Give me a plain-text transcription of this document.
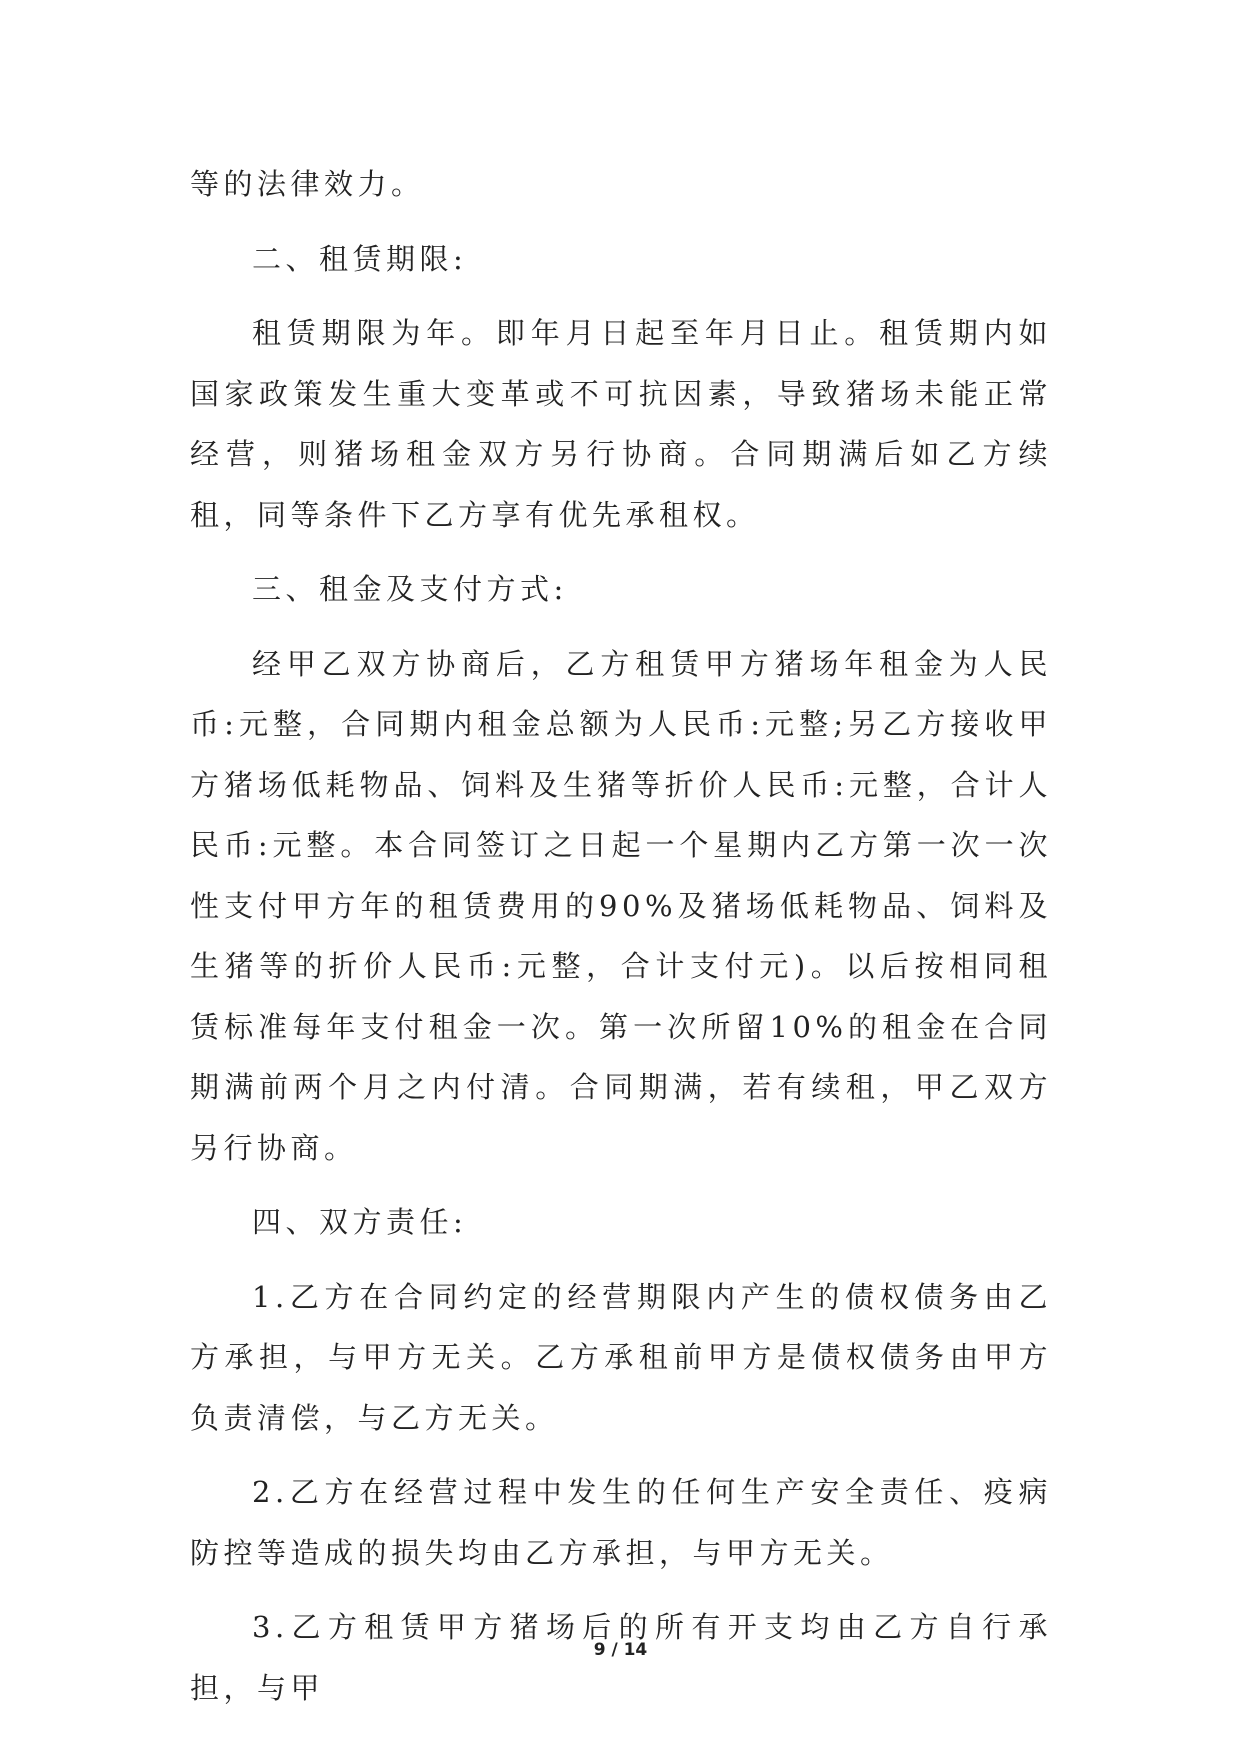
等的法律效力。

二、租赁期限:

租赁期限为年。即年月日起至年月日止。租赁期内如国家政策发生重大变革或不可抗因素，导致猪场未能正常经营，则猪场租金双方另行协商。合同期满后如乙方续租，同等条件下乙方享有优先承租权。

三、租金及支付方式:

经甲乙双方协商后，乙方租赁甲方猪场年租金为人民币:元整，合同期内租金总额为人民币:元整;另乙方接收甲方猪场低耗物品、饲料及生猪等折价人民币:元整，合计人民币:元整。本合同签订之日起一个星期内乙方第一次一次性支付甲方年的租赁费用的90%及猪场低耗物品、饲料及生猪等的折价人民币:元整，合计支付元)。以后按相同租赁标准每年支付租金一次。第一次所留10%的租金在合同期满前两个月之内付清。合同期满，若有续租，甲乙双方另行协商。

四、双方责任:

1.乙方在合同约定的经营期限内产生的债权债务由乙方承担，与甲方无关。乙方承租前甲方是债权债务由甲方负责清偿，与乙方无关。

2.乙方在经营过程中发生的任何生产安全责任、疫病防控等造成的损失均由乙方承担，与甲方无关。

3.乙方租赁甲方猪场后的所有开支均由乙方自行承担，与甲

9 / 14
